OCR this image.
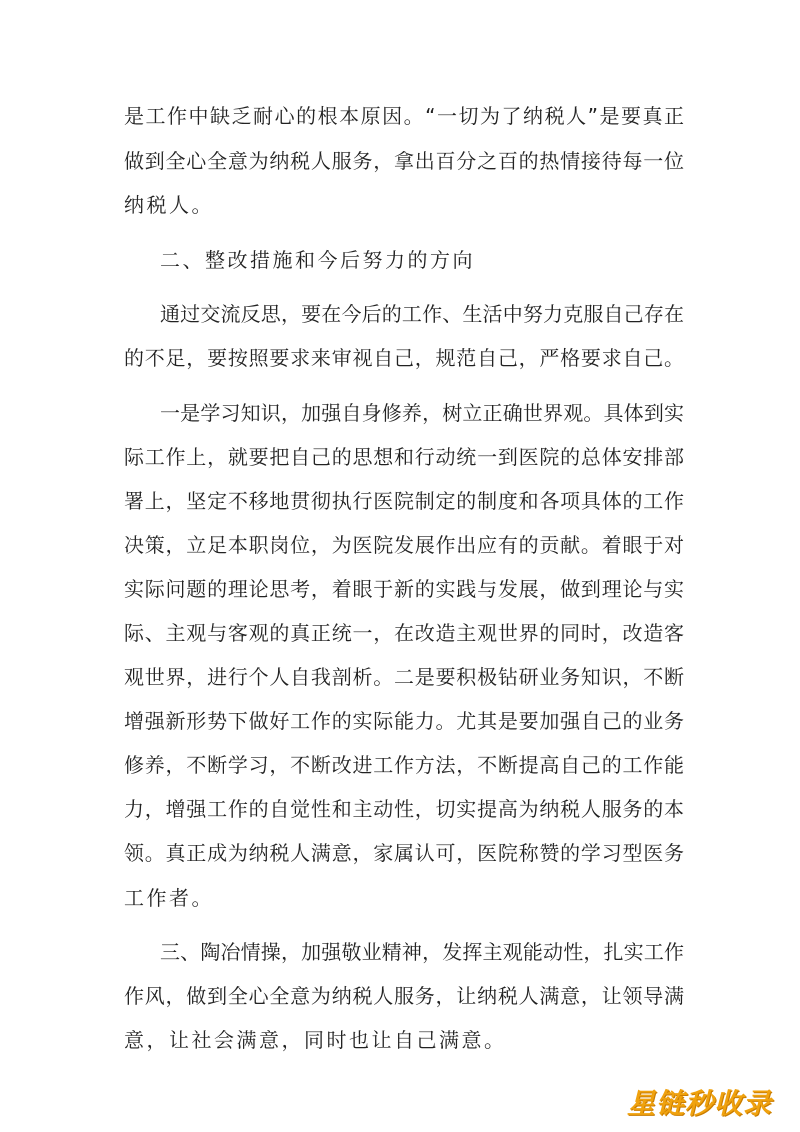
是工作中缺乏耐心的根本原因。“一切为了纳税人”是要真正
做到全心全意为纳税人服务，拿出百分之百的热情接待每一位
纳税人。
二、整改措施和今后努力的方向
通过交流反思，要在今后的工作、生活中努力克服自己存在
的不足，要按照要求来审视自己，规范自己，严格要求自己。
一是学习知识，加强自身修养，树立正确世界观。具体到实
际工作上，就要把自己的思想和行动统一到医院的总体安排部
署上，坚定不移地贯彻执行医院制定的制度和各项具体的工作
决策，立足本职岗位，为医院发展作出应有的贡献。着眼于对
实际问题的理论思考，着眼于新的实践与发展，做到理论与实
际、主观与客观的真正统一，在改造主观世界的同时，改造客
观世界，进行个人自我剖析。二是要积极钻研业务知识，不断
增强新形势下做好工作的实际能力。尤其是要加强自己的业务
修养，不断学习，不断改进工作方法，不断提高自己的工作能
力，增强工作的自觉性和主动性，切实提高为纳税人服务的本
领。真正成为纳税人满意，家属认可，医院称赞的学习型医务
工作者。
三、陶冶情操，加强敬业精神，发挥主观能动性，扎实工作
作风，做到全心全意为纳税人服务，让纳税人满意，让领导满
意，让社会满意，同时也让自己满意。
星链秒收录
